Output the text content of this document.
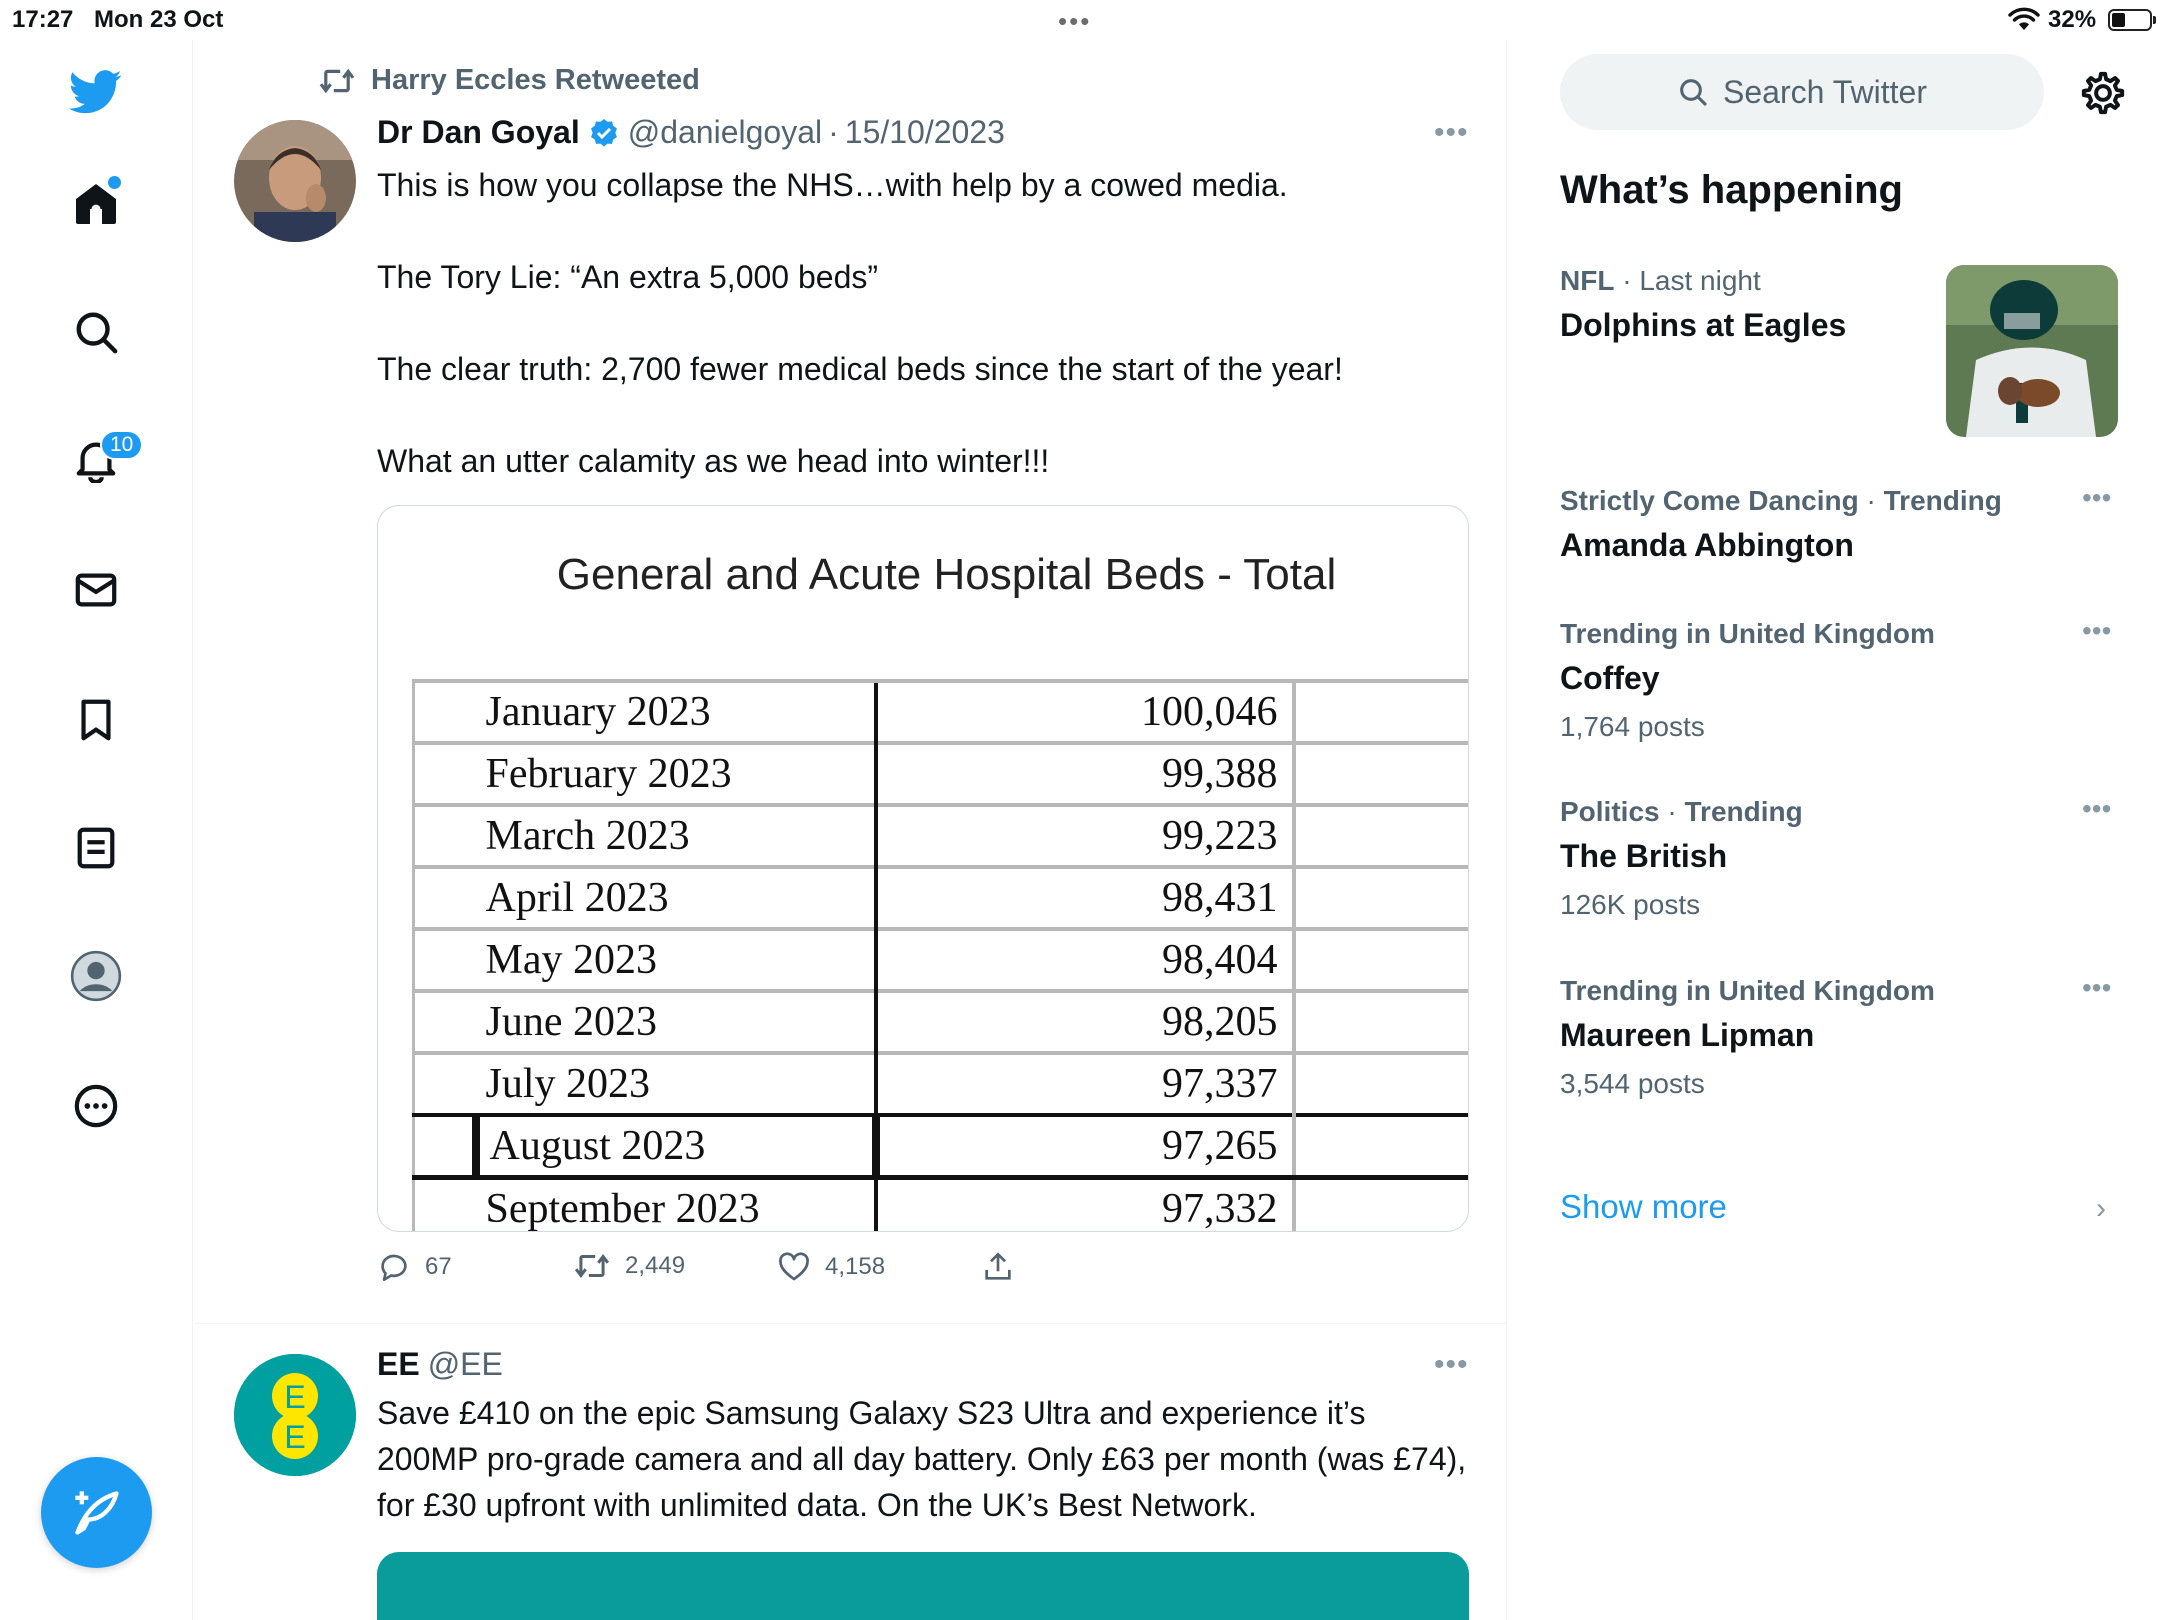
17:27 Mon 23 Oct	•••	32%
10
Harry Eccles Retweeted
Dr Dan Goyal @danielgoyal · 15/10/2023	•••

This is how you collapse the NHS…with help by a cowed media.

The Tory Lie: “An extra 5,000 beds”

The clear truth: 2,700 fewer medical beds since the start of the year!

What an utter calamity as we head into winter!!!

General and Acute Hospital Beds - Total
	January 2023	100,046	
	February 2023	99,388	
	March 2023	99,223	
	April 2023	98,431	
	May 2023	98,404	
	June 2023	98,205	
	July 2023	97,337	
	August 2023	97,265	
	September 2023	97,332	
67	2,449	4,158
E
E
EE @EE	•••
Save £410 on the epic Samsung Galaxy S23 Ultra and experience it’s 200MP pro-grade camera and all day battery. Only £63 per month (was £74), for £30 upfront with unlimited data. On the UK’s Best Network.
Search Twitter
What’s happening
NFL · Last night
Dolphins at Eagles
Strictly Come Dancing · Trending
Amanda Abbington
•••
Trending in United Kingdom
Coffey
1,764 posts
•••
Politics · Trending
The British
126K posts
•••
Trending in United Kingdom
Maureen Lipman
3,544 posts
•••
Show more	›
